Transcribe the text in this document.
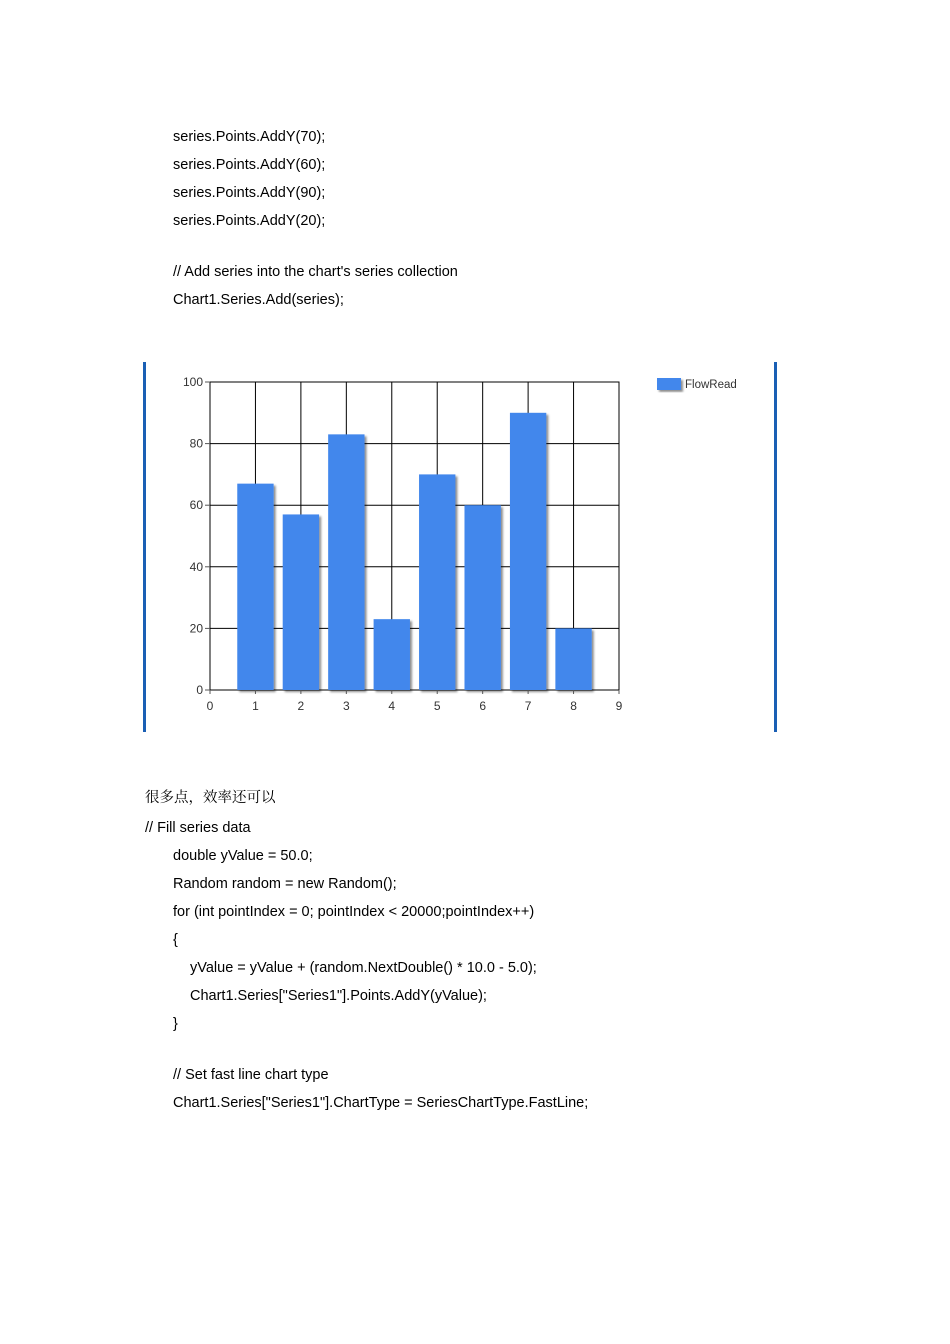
series.Points.AddY(70);
series.Points.AddY(60);
series.Points.AddY(90);
series.Points.AddY(20);
// Add series into the chart's series collection
Chart1.Series.Add(series);
0
20
40
60
80
100
0	1	2	3	4	5	6	7	8	9
FlowRead
很多点，效率还可以
// Fill series data
double yValue = 50.0;
Random random = new Random();
for (int pointIndex = 0; pointIndex < 20000;pointIndex++)
{
yValue = yValue + (random.NextDouble() * 10.0 - 5.0);
Chart1.Series["Series1"].Points.AddY(yValue);
}
// Set fast line chart type
Chart1.Series["Series1"].ChartType = SeriesChartType.FastLine;
